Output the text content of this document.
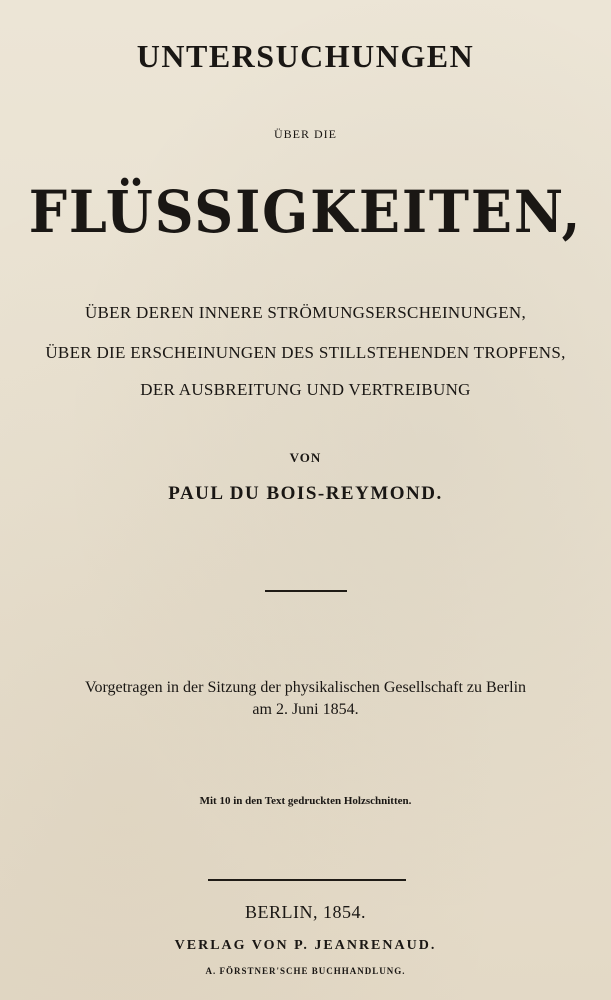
UNTERSUCHUNGEN
ÜBER DIE
FLÜSSIGKEITEN,
ÜBER DEREN INNERE STRÖMUNGSERSCHEINUNGEN,
ÜBER DIE ERSCHEINUNGEN DES STILLSTEHENDEN TROPFENS,
DER AUSBREITUNG UND VERTREIBUNG
VON
PAUL DU BOIS-REYMOND.
Vorgetragen in der Sitzung der physikalischen Gesellschaft zu Berlin
am 2. Juni 1854.
Mit 10 in den Text gedruckten Holzschnitten.
BERLIN, 1854.
VERLAG VON P. JEANRENAUD.
A. FÖRSTNER'SCHE BUCHHANDLUNG.
